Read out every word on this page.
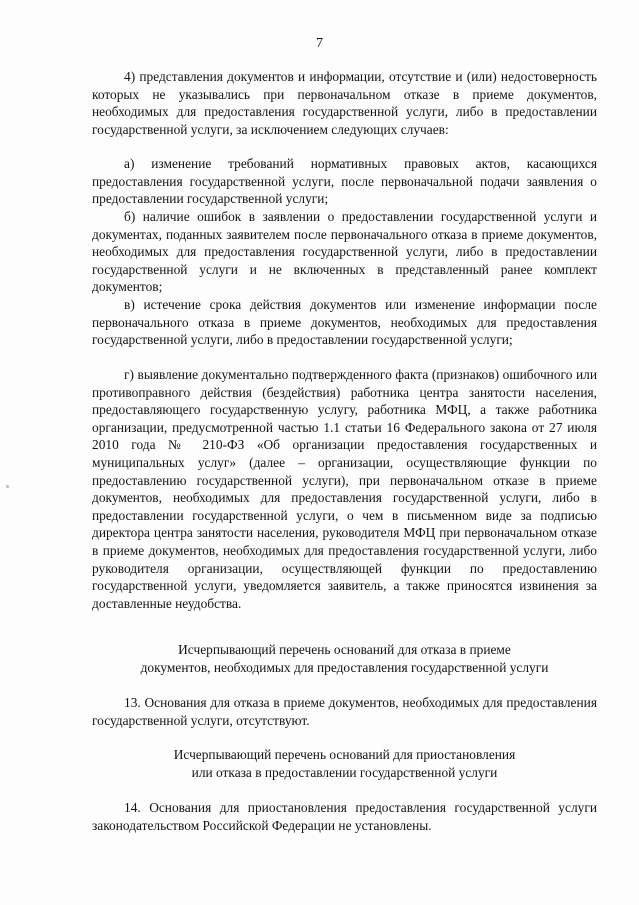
7

4) представления документов и информации, отсутствие и (или) недостоверность которых не указывались при первоначальном отказе в приеме документов, необходимых для предоставления государственной услуги, либо в предоставлении государственной услуги, за исключением следующих случаев:

а) изменение требований нормативных правовых актов, касающихся предоставления государственной услуги, после первоначальной подачи заявления о предоставлении государственной услуги;

б) наличие ошибок в заявлении о предоставлении государственной услуги и документах, поданных заявителем после первоначального отказа в приеме документов, необходимых для предоставления государственной услуги, либо в предоставлении государственной услуги и не включенных в представленный ранее комплект документов;

в) истечение срока действия документов или изменение информации после первоначального отказа в приеме документов, необходимых для предоставления государственной услуги, либо в предоставлении государственной услуги;

г) выявление документально подтвержденного факта (признаков) ошибочного или противоправного действия (бездействия) работника центра занятости населения, предоставляющего государственную услугу, работника МФЦ, а также работника организации, предусмотренной частью 1.1 статьи 16 Федерального закона от 27 июля 2010 года № 210-ФЗ «Об организации предоставления государственных и муниципальных услуг» (далее – организации, осуществляющие функции по предоставлению государственной услуги), при первоначальном отказе в приеме документов, необходимых для предоставления государственной услуги, либо в предоставлении государственной услуги, о чем в письменном виде за подписью директора центра занятости населения, руководителя МФЦ при первоначальном отказе в приеме документов, необходимых для предоставления государственной услуги, либо руководителя организации, осуществляющей функции по предоставлению государственной услуги, уведомляется заявитель, а также приносятся извинения за доставленные неудобства.

Исчерпывающий перечень оснований для отказа в приеме
документов, необходимых для предоставления государственной услуги

13. Основания для отказа в приеме документов, необходимых для предоставления государственной услуги, отсутствуют.

Исчерпывающий перечень оснований для приостановления
или отказа в предоставлении государственной услуги

14. Основания для приостановления предоставления государственной услуги законодательством Российской Федерации не установлены.
